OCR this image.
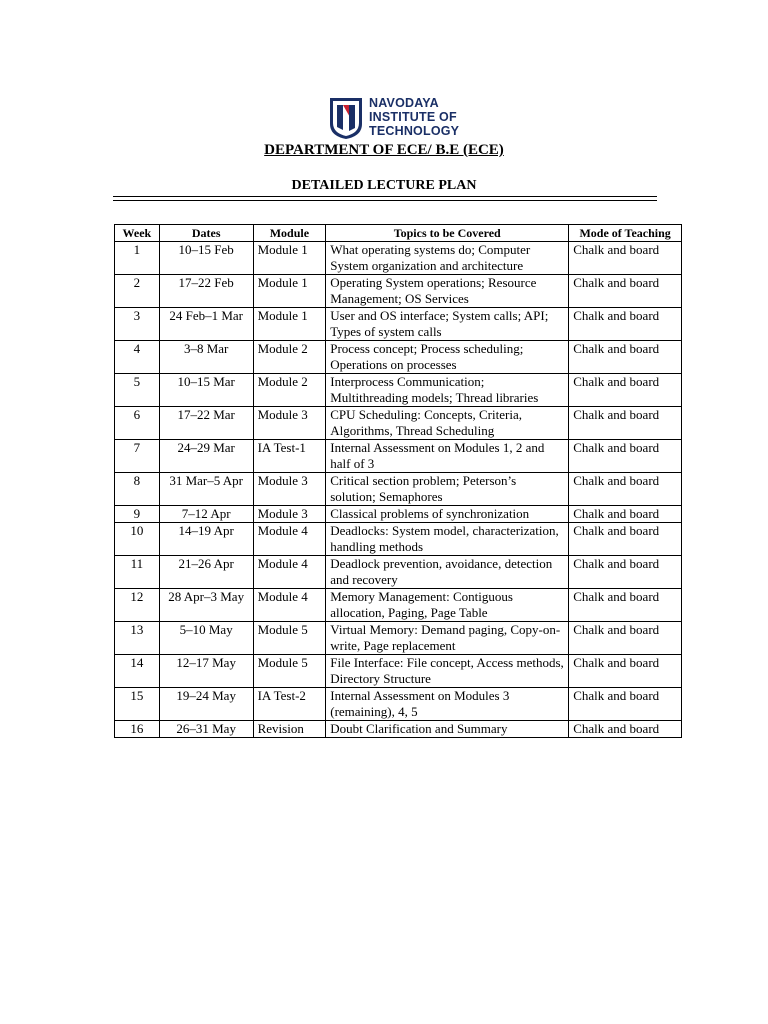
NAVODAYA
INSTITUTE OF
TECHNOLOGY
DEPARTMENT OF ECE/ B.E (ECE)
DETAILED LECTURE PLAN
Week	Dates	Module	Topics to be Covered	Mode of Teaching
1	10–15 Feb	Module 1	What operating systems do; Computer System organization and architecture	Chalk and board
2	17–22 Feb	Module 1	Operating System operations; Resource Management; OS Services	Chalk and board
3	24 Feb–1 Mar	Module 1	User and OS interface; System calls; API; Types of system calls	Chalk and board
4	3–8 Mar	Module 2	Process concept; Process scheduling; Operations on processes	Chalk and board
5	10–15 Mar	Module 2	Interprocess Communication; Multithreading models; Thread libraries	Chalk and board
6	17–22 Mar	Module 3	CPU Scheduling: Concepts, Criteria, Algorithms, Thread Scheduling	Chalk and board
7	24–29 Mar	IA Test-1	Internal Assessment on Modules 1, 2 and half of 3	Chalk and board
8	31 Mar–5 Apr	Module 3	Critical section problem; Peterson’s solution; Semaphores	Chalk and board
9	7–12 Apr	Module 3	Classical problems of synchronization	Chalk and board
10	14–19 Apr	Module 4	Deadlocks: System model, characterization, handling methods	Chalk and board
11	21–26 Apr	Module 4	Deadlock prevention, avoidance, detection and recovery	Chalk and board
12	28 Apr–3 May	Module 4	Memory Management: Contiguous allocation, Paging, Page Table	Chalk and board
13	5–10 May	Module 5	Virtual Memory: Demand paging, Copy-on-write, Page replacement	Chalk and board
14	12–17 May	Module 5	File Interface: File concept, Access methods, Directory Structure	Chalk and board
15	19–24 May	IA Test-2	Internal Assessment on Modules 3 (remaining), 4, 5	Chalk and board
16	26–31 May	Revision	Doubt Clarification and Summary	Chalk and board
